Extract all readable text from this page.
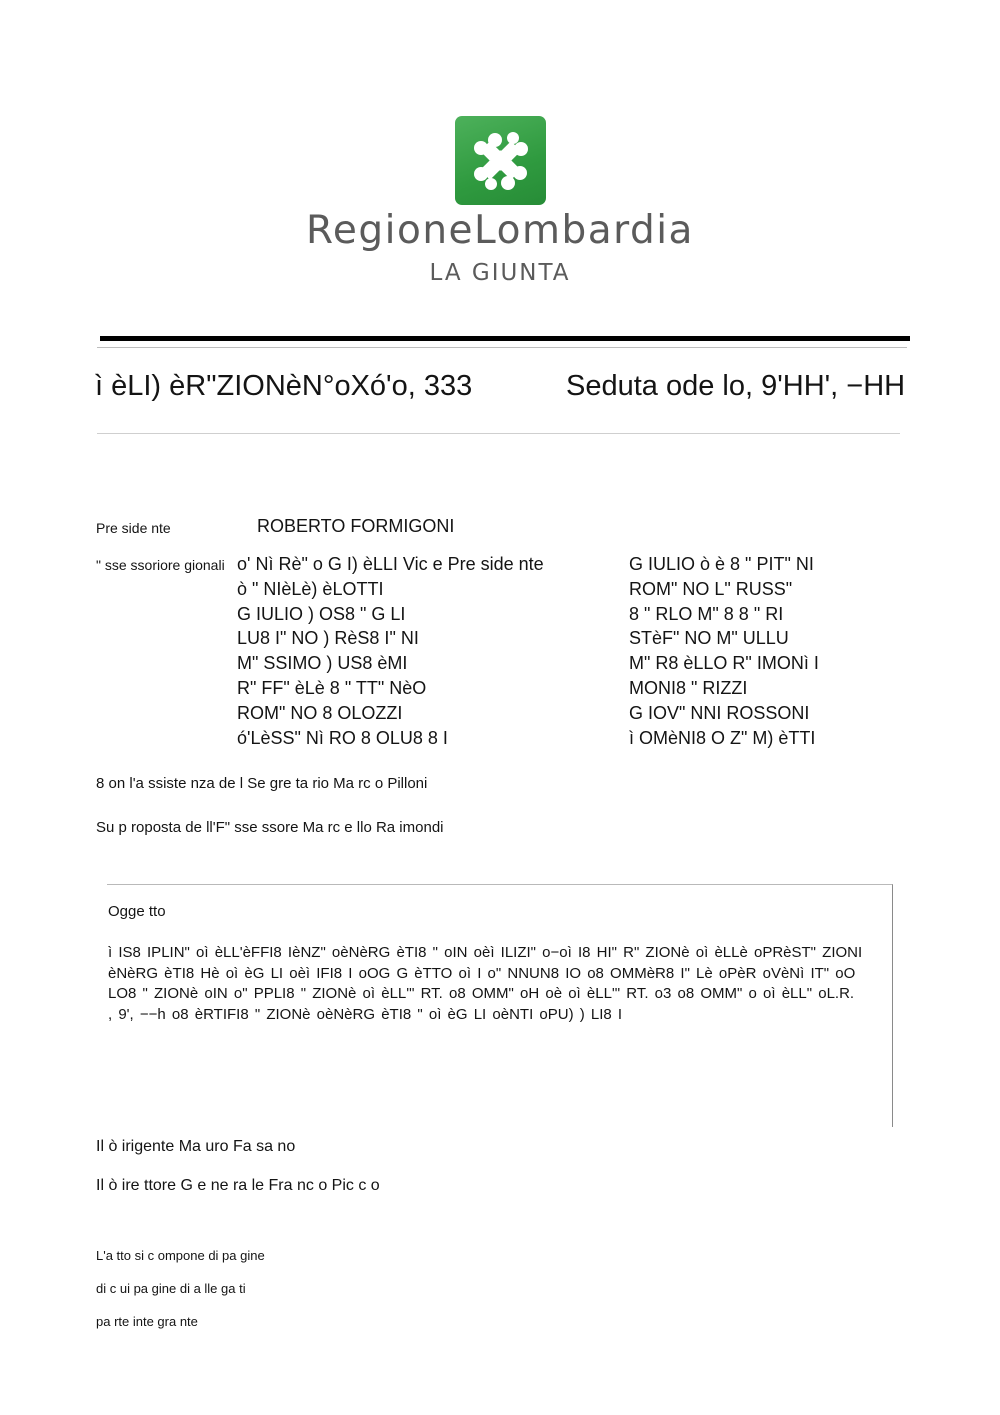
RegioneLombardia
LA GIUNTA
ì èLI) èR"ZIONèN°oXó'o, 333	Seduta ode lo, 9'HH', −HH
Pre side nte	ROBERTO FORMIGONI
" sse ssoriore gionali o' Nì Rè" o G I) èLLI Vic e Pre side nte
ò " NIèLè) èLOTTI
G IULIO ) OS8 " G LI
LU8 I" NO ) RèS8 I" NI
M" SSIMO ) US8 èMI
R" FF" èLè 8 " TT" NèO
ROM" NO 8 OLOZZI
ó'LèSS" Nì RO 8 OLU8 8 I
G IULIO ò è 8 " PIT" NI
ROM" NO L" RUSS"
8 " RLO M" 8 8 " RI
STèF" NO M" ULLU
M" R8 èLLO R" IMONì I
MONI8 " RIZZI
G IOV" NNI ROSSONI
ì OMèNI8 O Z" M) èTTI
8 on l'a ssiste nza de l Se gre ta rio Ma rc o Pilloni
Su p roposta de ll'F" sse ssore Ma rc e llo Ra imondi
Ogge tto
ì IS8 IPLIN" oì èLL'èFFI8 IèNZ" oèNèRG èTI8 " oIN oèì ILIZI" o−oì I8 HI" R" ZIONè oì èLLè oPRèST" ZIONI
èNèRG èTI8 Hè oì èG LI oèì IFI8 I oOG G èTTO oì I o" NNUN8 IO o8 OMMèR8 I" Lè oPèR oVèNì IT" oO
LO8 " ZIONè oIN o" PPLI8 " ZIONè oì èLL'" RT. o8 OMM" oH oè oì èLL'" RT. o3 o8 OMM" o oì èLL" oL.R.
, 9', −−h o8 èRTIFI8 " ZIONè oèNèRG èTI8 " oì èG LI oèNTI oPU) ) LI8 I
Il ò irigente Ma uro Fa sa no
Il ò ire ttore G e ne ra le Fra nc o Pic c o
L'a tto si c ompone di pa gine
di c ui pa gine di a lle ga ti
pa rte inte gra nte
